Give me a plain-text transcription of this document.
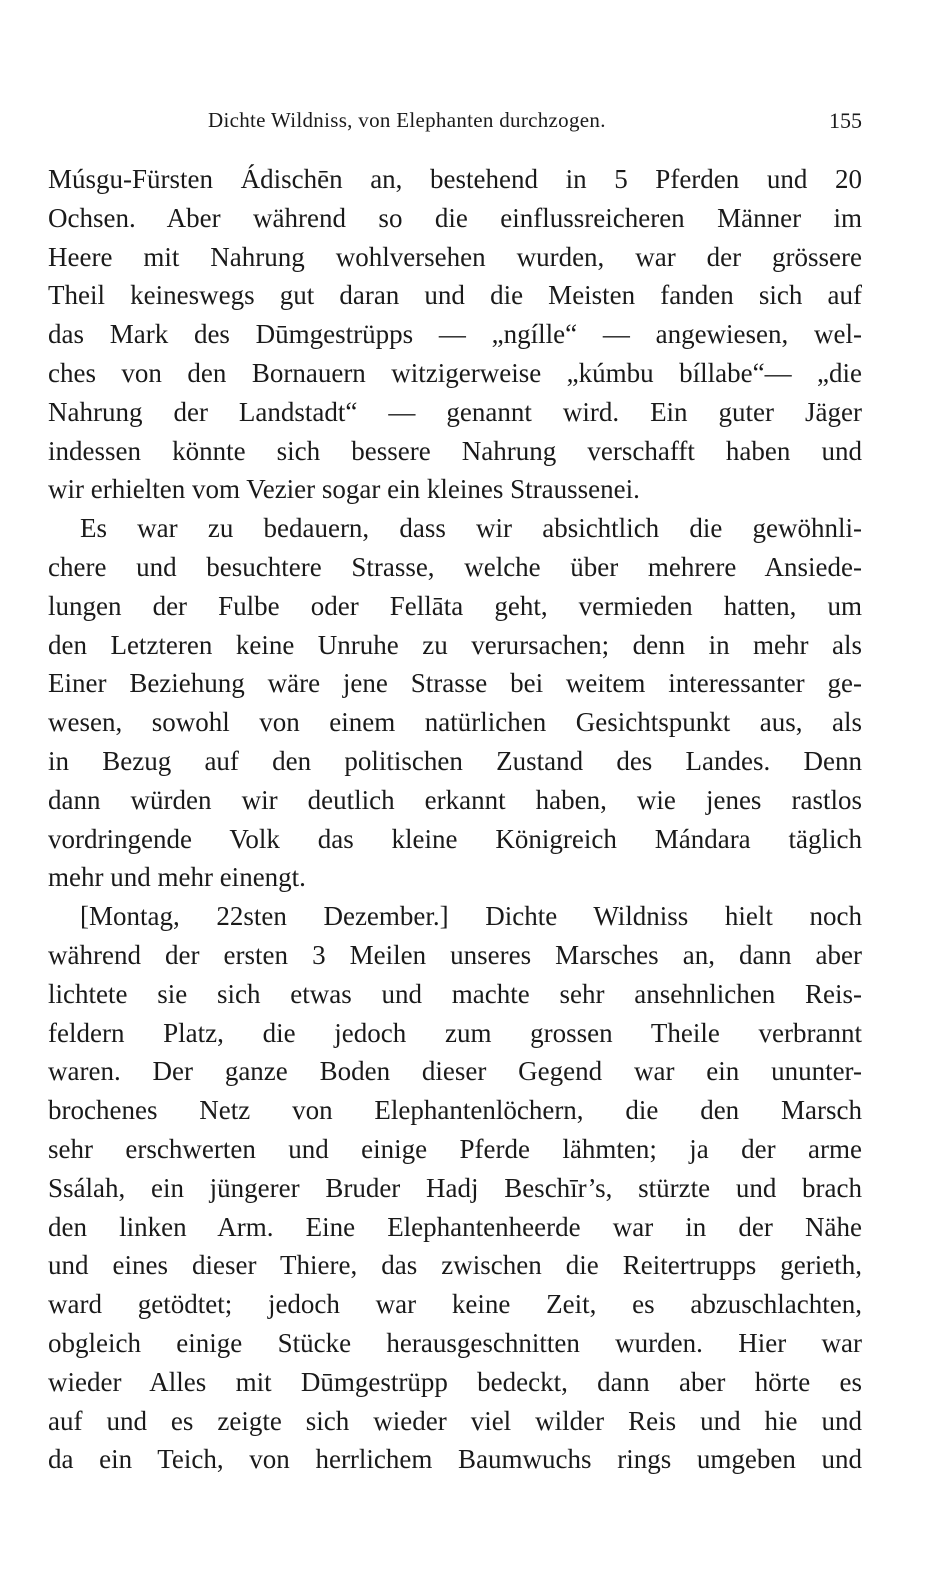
Dichte Wildniss, von Elephanten durchzogen.	155
Músgu-Fürsten Ádischēn an, bestehend in 5 Pferden und 20
Ochsen. Aber während so die einflussreicheren Männer im
Heere mit Nahrung wohlversehen wurden, war der grössere
Theil keineswegs gut daran und die Meisten fanden sich auf
das Mark des Dūmgestrüpps — „ngílle“ — angewiesen, wel-
ches von den Bornauern witzigerweise „kúmbu bíllabe“— „die
Nahrung der Landstadt“ — genannt wird. Ein guter Jäger
indessen könnte sich bessere Nahrung verschafft haben und
wir erhielten vom Vezier sogar ein kleines Straussenei.
Es war zu bedauern, dass wir absichtlich die gewöhnli-
chere und besuchtere Strasse, welche über mehrere Ansiede-
lungen der Fulbe oder Fellāta geht, vermieden hatten, um
den Letzteren keine Unruhe zu verursachen; denn in mehr als
Einer Beziehung wäre jene Strasse bei weitem interessanter ge-
wesen, sowohl von einem natürlichen Gesichtspunkt aus, als
in Bezug auf den politischen Zustand des Landes. Denn
dann würden wir deutlich erkannt haben, wie jenes rastlos
vordringende Volk das kleine Königreich Mándara täglich
mehr und mehr einengt.
[Montag, 22sten Dezember.] Dichte Wildniss hielt noch
während der ersten 3 Meilen unseres Marsches an, dann aber
lichtete sie sich etwas und machte sehr ansehnlichen Reis-
feldern Platz, die jedoch zum grossen Theile verbrannt
waren. Der ganze Boden dieser Gegend war ein ununter-
brochenes Netz von Elephantenlöchern, die den Marsch
sehr erschwerten und einige Pferde lähmten; ja der arme
Ssálah, ein jüngerer Bruder Hadj Beschīr’s, stürzte und brach
den linken Arm. Eine Elephantenheerde war in der Nähe
und eines dieser Thiere, das zwischen die Reitertrupps gerieth,
ward getödtet; jedoch war keine Zeit, es abzuschlachten,
obgleich einige Stücke herausgeschnitten wurden. Hier war
wieder Alles mit Dūmgestrüpp bedeckt, dann aber hörte es
auf und es zeigte sich wieder viel wilder Reis und hie und
da ein Teich, von herrlichem Baumwuchs rings umgeben und
